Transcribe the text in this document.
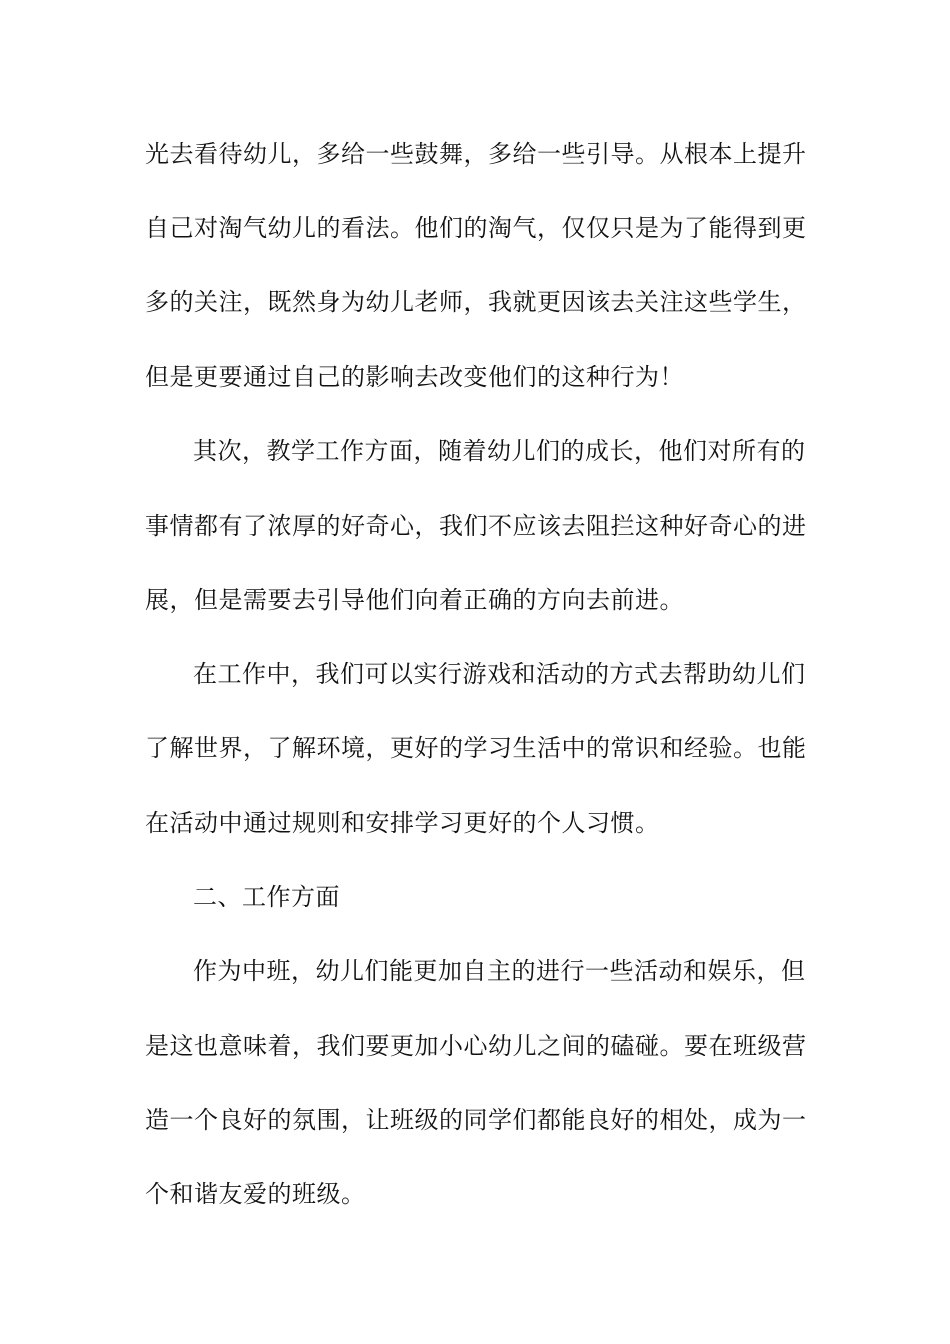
光去看待幼儿，多给一些鼓舞，多给一些引导。从根本上提升

自己对淘气幼儿的看法。他们的淘气，仅仅只是为了能得到更

多的关注，既然身为幼儿老师，我就更因该去关注这些学生，

但是更要通过自己的影响去改变他们的这种行为！

其次，教学工作方面，随着幼儿们的成长，他们对所有的

事情都有了浓厚的好奇心，我们不应该去阻拦这种好奇心的进

展，但是需要去引导他们向着正确的方向去前进。

在工作中，我们可以实行游戏和活动的方式去帮助幼儿们

了解世界，了解环境，更好的学习生活中的常识和经验。也能

在活动中通过规则和安排学习更好的个人习惯。

二、工作方面

作为中班，幼儿们能更加自主的进行一些活动和娱乐，但

是这也意味着，我们要更加小心幼儿之间的磕碰。要在班级营

造一个良好的氛围，让班级的同学们都能良好的相处，成为一

个和谐友爱的班级。
